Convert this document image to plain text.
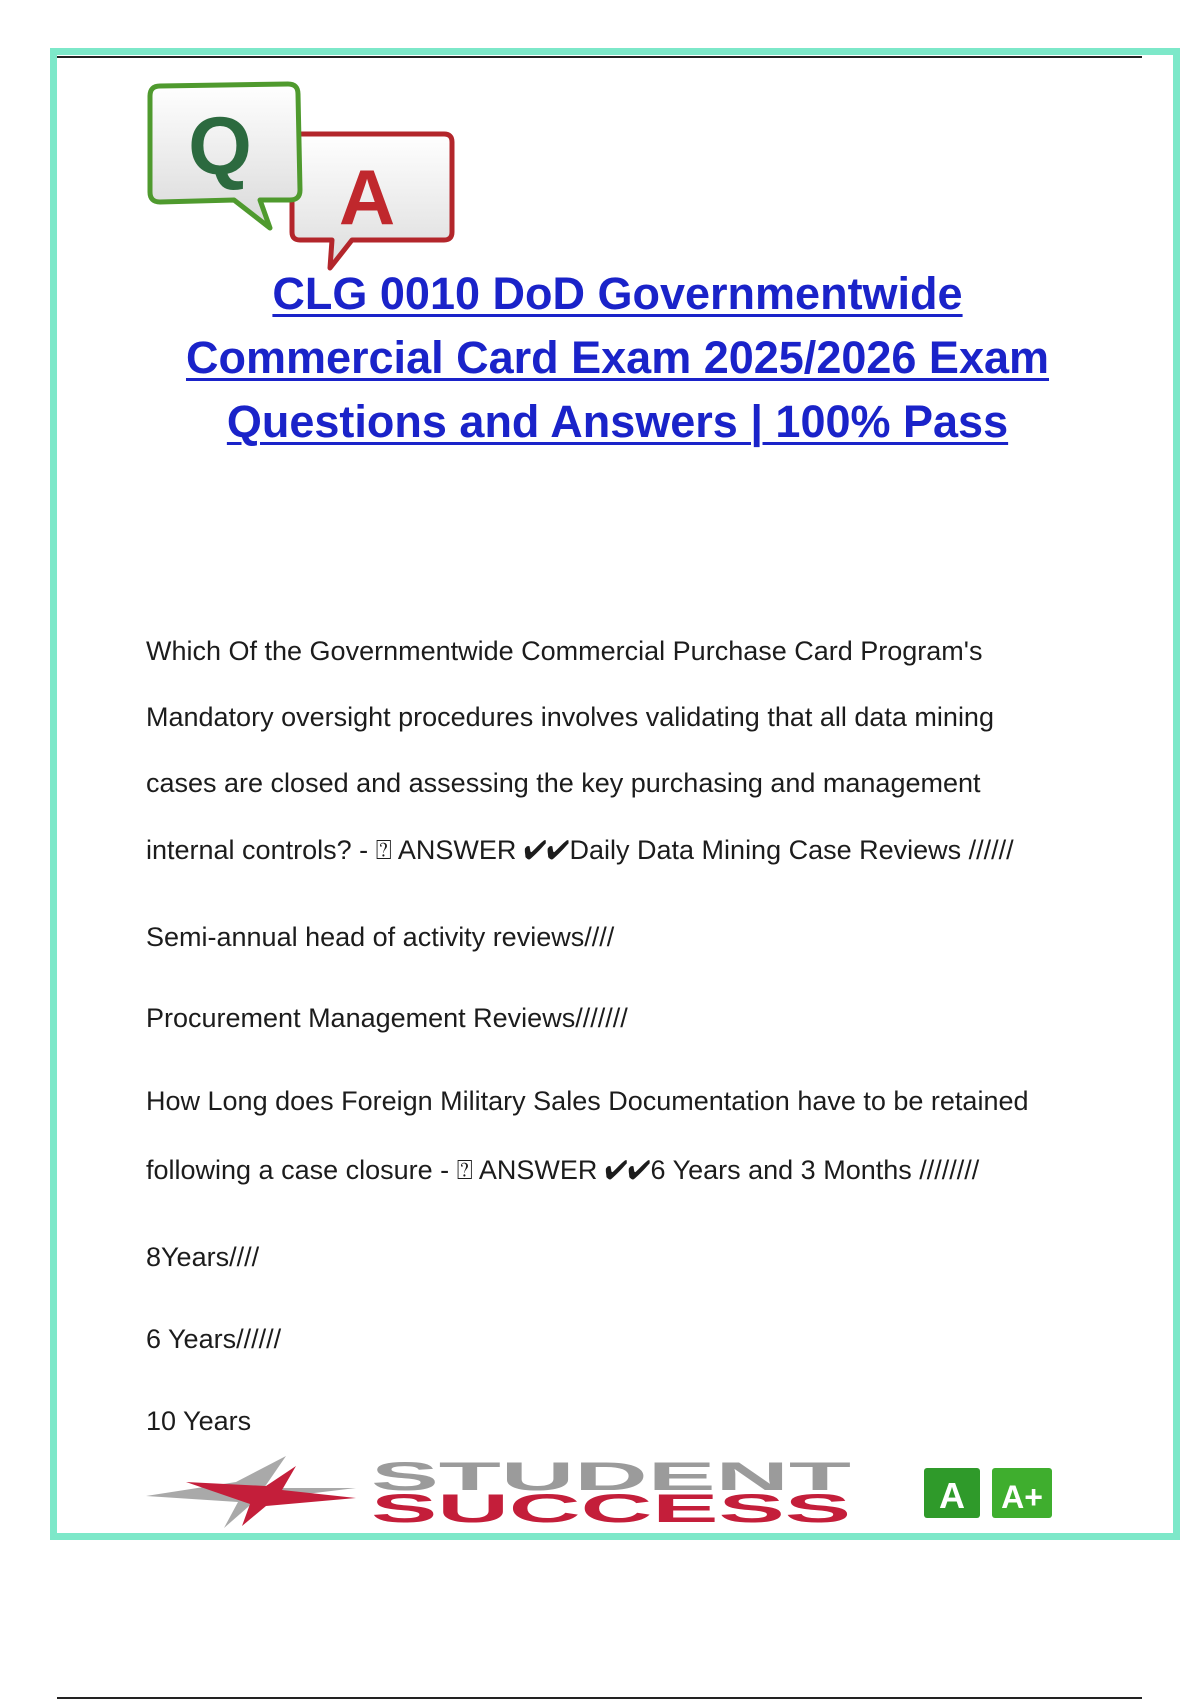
A
Q
CLG 0010 DoD Governmentwide
Commercial Card Exam 2025/2026 Exam
Questions and Answers | 100% Pass

Which Of the Governmentwide Commercial Purchase Card Program's

Mandatory oversight procedures involves validating that all data mining

cases are closed and assessing the key purchasing and management

internal controls? - ⍰ ANSWER ✔✔Daily Data Mining Case Reviews //////

Semi-annual head of activity reviews////

Procurement Management Reviews///////

How Long does Foreign Military Sales Documentation have to be retained

following a case closure - ⍰ ANSWER ✔✔6 Years and 3 Months ////////

8Years////

6 Years//////

10 Years

STUDENT
SUCCESS A A+
